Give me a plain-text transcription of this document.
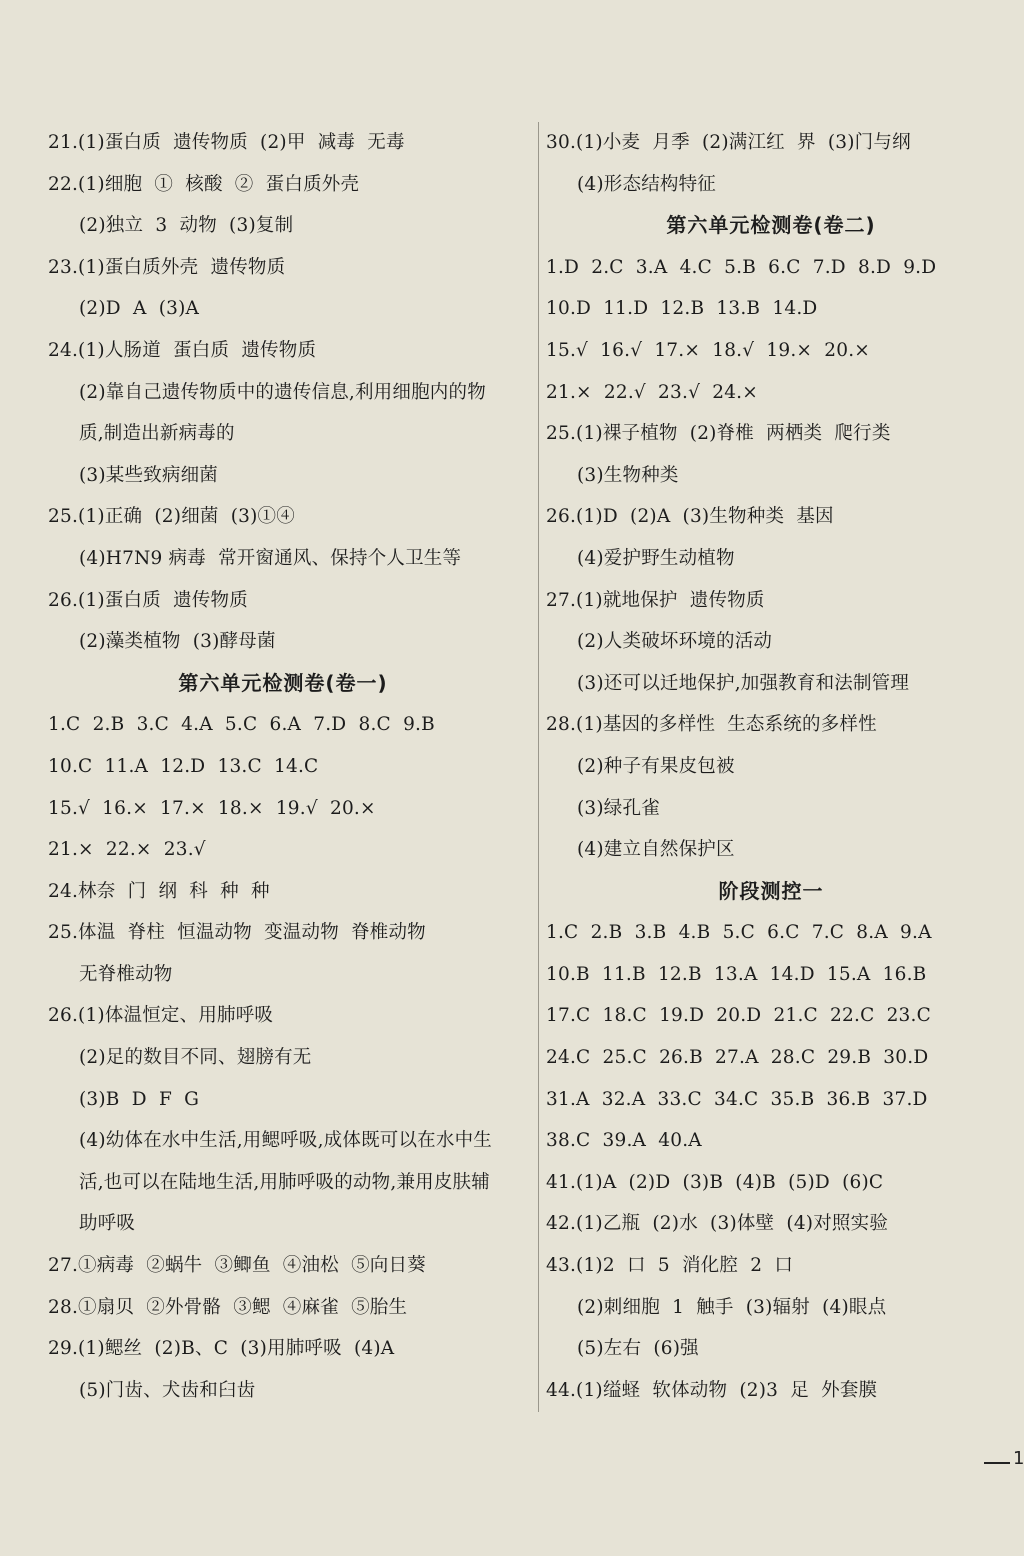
21.(1)蛋白质  遗传物质  (2)甲  减毒  无毒
22.(1)细胞  ①  核酸  ②  蛋白质外壳
(2)独立  3  动物  (3)复制
23.(1)蛋白质外壳  遗传物质
(2)D  A  (3)A
24.(1)人肠道  蛋白质  遗传物质
(2)靠自己遗传物质中的遗传信息,利用细胞内的物
质,制造出新病毒的
(3)某些致病细菌
25.(1)正确  (2)细菌  (3)①④
(4)H7N9 病毒  常开窗通风、保持个人卫生等
26.(1)蛋白质  遗传物质
(2)藻类植物  (3)酵母菌
第六单元检测卷(卷一)
1.C  2.B  3.C  4.A  5.C  6.A  7.D  8.C  9.B
10.C  11.A  12.D  13.C  14.C
15.√  16.×  17.×  18.×  19.√  20.×
21.×  22.×  23.√
24.林奈  门  纲  科  种  种
25.体温  脊柱  恒温动物  变温动物  脊椎动物
无脊椎动物
26.(1)体温恒定、用肺呼吸
(2)足的数目不同、翅膀有无
(3)B  D  F  G
(4)幼体在水中生活,用鳃呼吸,成体既可以在水中生
活,也可以在陆地生活,用肺呼吸的动物,兼用皮肤辅
助呼吸
27.①病毒  ②蜗牛  ③鲫鱼  ④油松  ⑤向日葵
28.①扇贝  ②外骨骼  ③鳃  ④麻雀  ⑤胎生
29.(1)鳃丝  (2)B、C  (3)用肺呼吸  (4)A
(5)门齿、犬齿和臼齿
30.(1)小麦  月季  (2)满江红  界  (3)门与纲
(4)形态结构特征
第六单元检测卷(卷二)
1.D  2.C  3.A  4.C  5.B  6.C  7.D  8.D  9.D
10.D  11.D  12.B  13.B  14.D
15.√  16.√  17.×  18.√  19.×  20.×
21.×  22.√  23.√  24.×
25.(1)裸子植物  (2)脊椎  两栖类  爬行类
(3)生物种类
26.(1)D  (2)A  (3)生物种类  基因
(4)爱护野生动植物
27.(1)就地保护  遗传物质
(2)人类破坏环境的活动
(3)还可以迁地保护,加强教育和法制管理
28.(1)基因的多样性  生态系统的多样性
(2)种子有果皮包被
(3)绿孔雀
(4)建立自然保护区
阶段测控一
1.C  2.B  3.B  4.B  5.C  6.C  7.C  8.A  9.A
10.B  11.B  12.B  13.A  14.D  15.A  16.B
17.C  18.C  19.D  20.D  21.C  22.C  23.C
24.C  25.C  26.B  27.A  28.C  29.B  30.D
31.A  32.A  33.C  34.C  35.B  36.B  37.D
38.C  39.A  40.A
41.(1)A  (2)D  (3)B  (4)B  (5)D  (6)C
42.(1)乙瓶  (2)水  (3)体壁  (4)对照实验
43.(1)2  口  5  消化腔  2  口
(2)刺细胞  1  触手  (3)辐射  (4)眼点
(5)左右  (6)强
44.(1)缢蛏  软体动物  (2)3  足  外套膜
1
